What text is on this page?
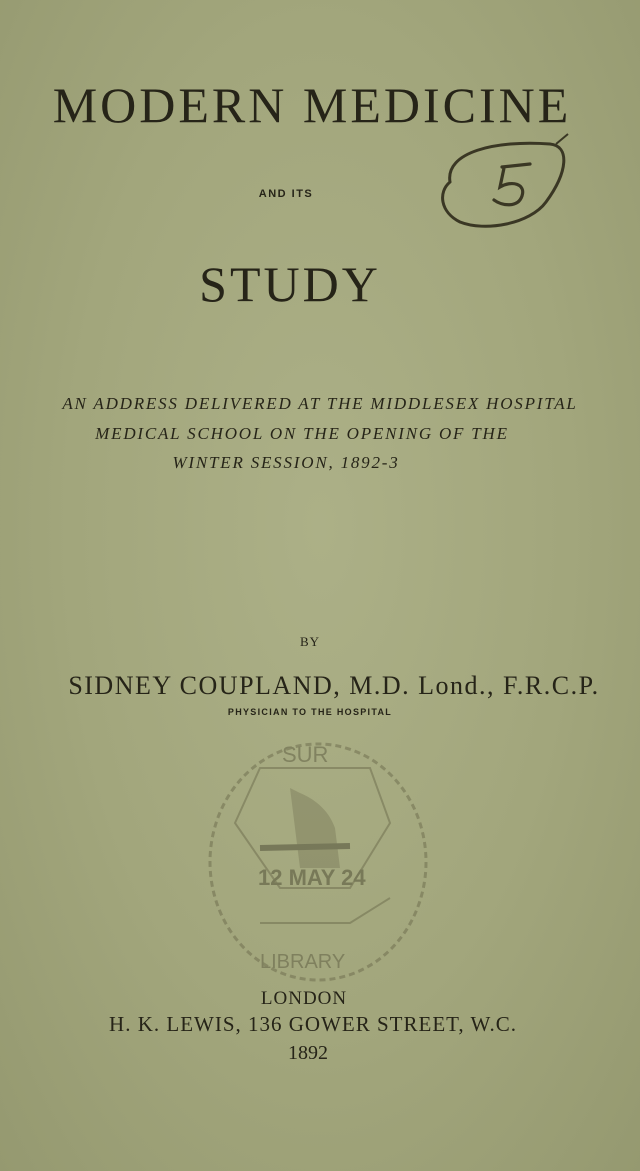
MODERN MEDICINE
AND ITS
STUDY
AN ADDRESS DELIVERED AT THE MIDDLESEX HOSPITAL
MEDICAL SCHOOL ON THE OPENING OF THE
WINTER SESSION, 1892-3
BY
SIDNEY COUPLAND, M.D. Lond., F.R.C.P.
PHYSICIAN TO THE HOSPITAL
SUR
12 MAY 24
LIBRARY
LONDON
H. K. LEWIS, 136 GOWER STREET, W.C.
1892
